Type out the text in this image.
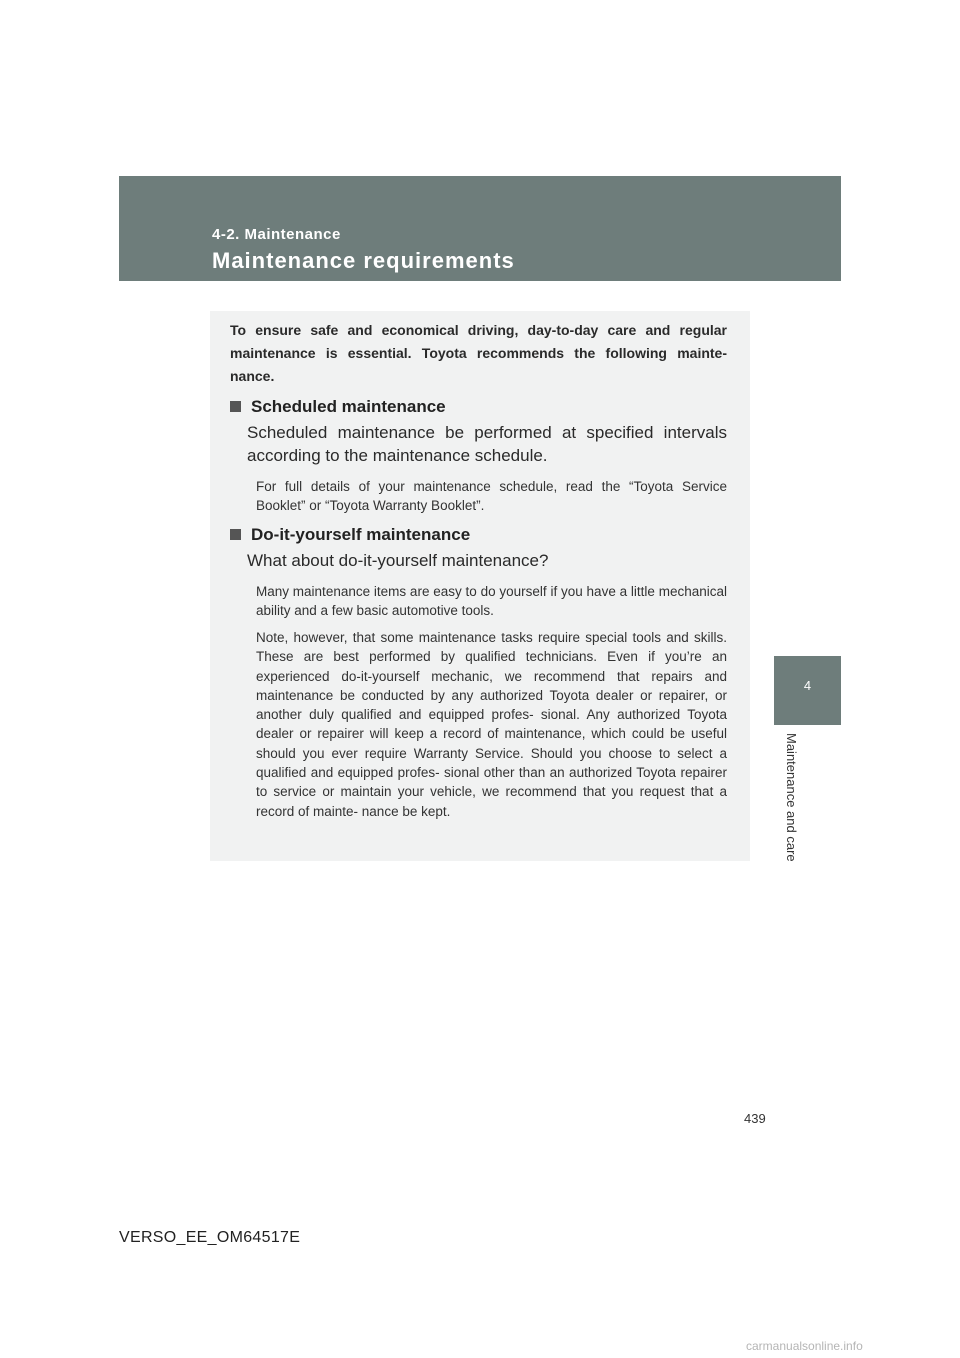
4-2. Maintenance
Maintenance requirements
4
Maintenance and care
To ensure safe and economical driving, day-to-day care and regular maintenance is essential. Toyota recommends the following mainte- nance.
Scheduled maintenance
Scheduled maintenance be performed at specified intervals according to the maintenance schedule.
For full details of your maintenance schedule, read the “Toyota Service Booklet” or “Toyota Warranty Booklet”.
Do-it-yourself maintenance
What about do-it-yourself maintenance?
Many maintenance items are easy to do yourself if you have a little mechanical ability and a few basic automotive tools.
Note, however, that some maintenance tasks require special tools and skills. These are best performed by qualified technicians. Even if you’re an experienced do-it-yourself mechanic, we recommend that repairs and maintenance be conducted by any authorized Toyota dealer or repairer, or another duly qualified and equipped profes- sional. Any authorized Toyota dealer or repairer will keep a record of maintenance, which could be useful should you ever require Warranty Service. Should you choose to select a qualified and equipped profes- sional other than an authorized Toyota repairer to service or maintain your vehicle, we recommend that you request that a record of mainte- nance be kept.
439
VERSO_EE_OM64517E
carmanualsonline.info
